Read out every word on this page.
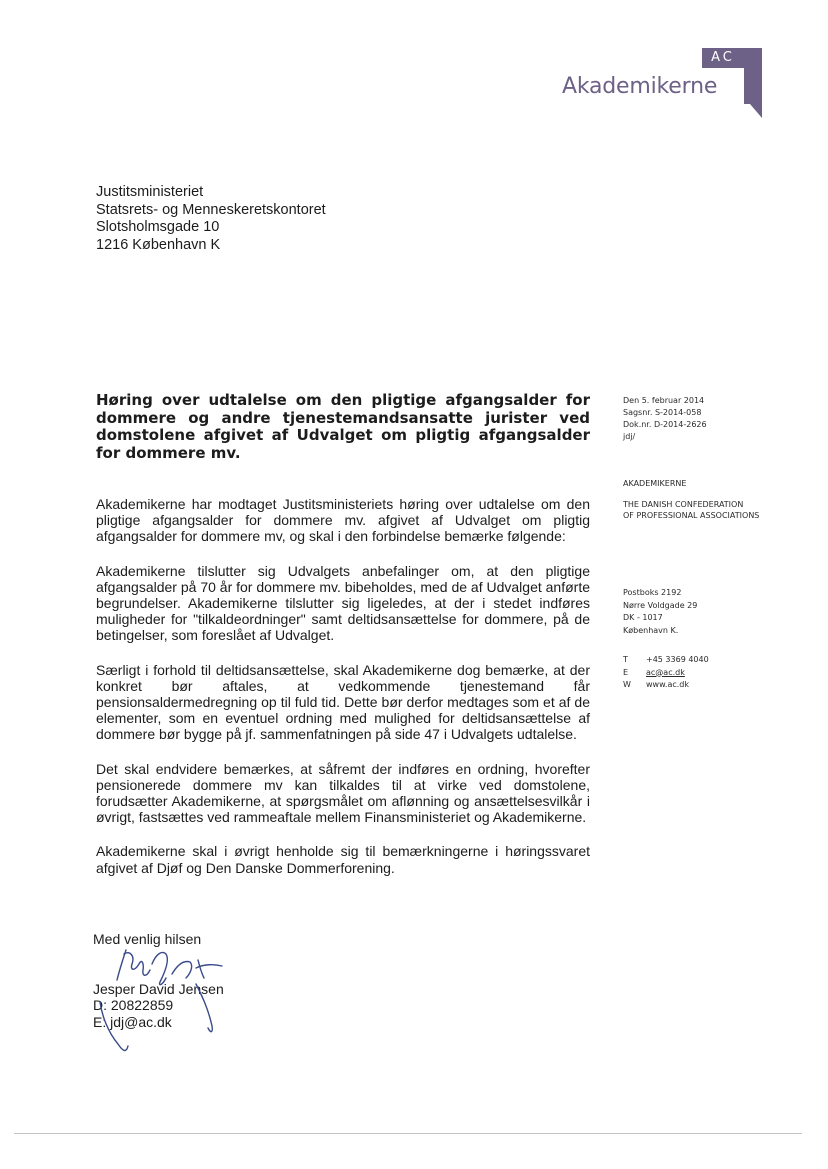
AC
Akademikerne
Justitsministeriet
Statsrets- og Menneskeretskontoret
Slotsholmsgade 10
1216 København K
Høring over udtalelse om den pligtige afgangsalder for dommere og andre tjenestemandsansatte jurister ved domstolene afgivet af Udvalget om pligtig afgangsalder for dommere mv.

Akademikerne har modtaget Justitsministeriets høring over udtalelse om den pligtige afgangsalder for dommere mv. afgivet af Udvalget om pligtig afgangsalder for dommere mv, og skal i den forbindelse bemærke følgende:

Akademikerne tilslutter sig Udvalgets anbefalinger om, at den pligtige afgangsalder på 70 år for dommere mv. bibeholdes, med de af Udvalget anførte begrundelser. Akademikerne tilslutter sig ligeledes, at der i stedet indføres muligheder for "tilkaldeordninger" samt deltidsansættelse for dommere, på de betingelser, som foreslået af Udvalget.

Særligt i forhold til deltidsansættelse, skal Akademikerne dog bemærke, at der konkret bør aftales, at vedkommende tjenestemand får pensionsaldermedregning op til fuld tid. Dette bør derfor medtages som et af de elementer, som en eventuel ordning med mulighed for deltidsansættelse af dommere bør bygge på jf. sammenfatningen på side 47 i Udvalgets udtalelse.

Det skal endvidere bemærkes, at såfremt der indføres en ordning, hvorefter pensionerede dommere mv kan tilkaldes til at virke ved domstolene, forudsætter Akademikerne, at spørgsmålet om aflønning og ansættelsesvilkår i øvrigt, fastsættes ved rammeaftale mellem Finansministeriet og Akademikerne.

Akademikerne skal i øvrigt henholde sig til bemærkningerne i høringssvaret afgivet af Djøf og Den Danske Dommerforening.

Med venlig hilsen
Jesper David Jensen
D: 20822859
E: jdj@ac.dk
Den 5. februar 2014
Sagsnr. S-2014-058
Dok.nr. D-2014-2626
jdj/
AKADEMIKERNE
THE DANISH CONFEDERATION
OF PROFESSIONAL ASSOCIATIONS
Postboks 2192
Nørre Voldgade 29
DK - 1017
København K.
T +45 3369 4040
E ac@ac.dk
W www.ac.dk
